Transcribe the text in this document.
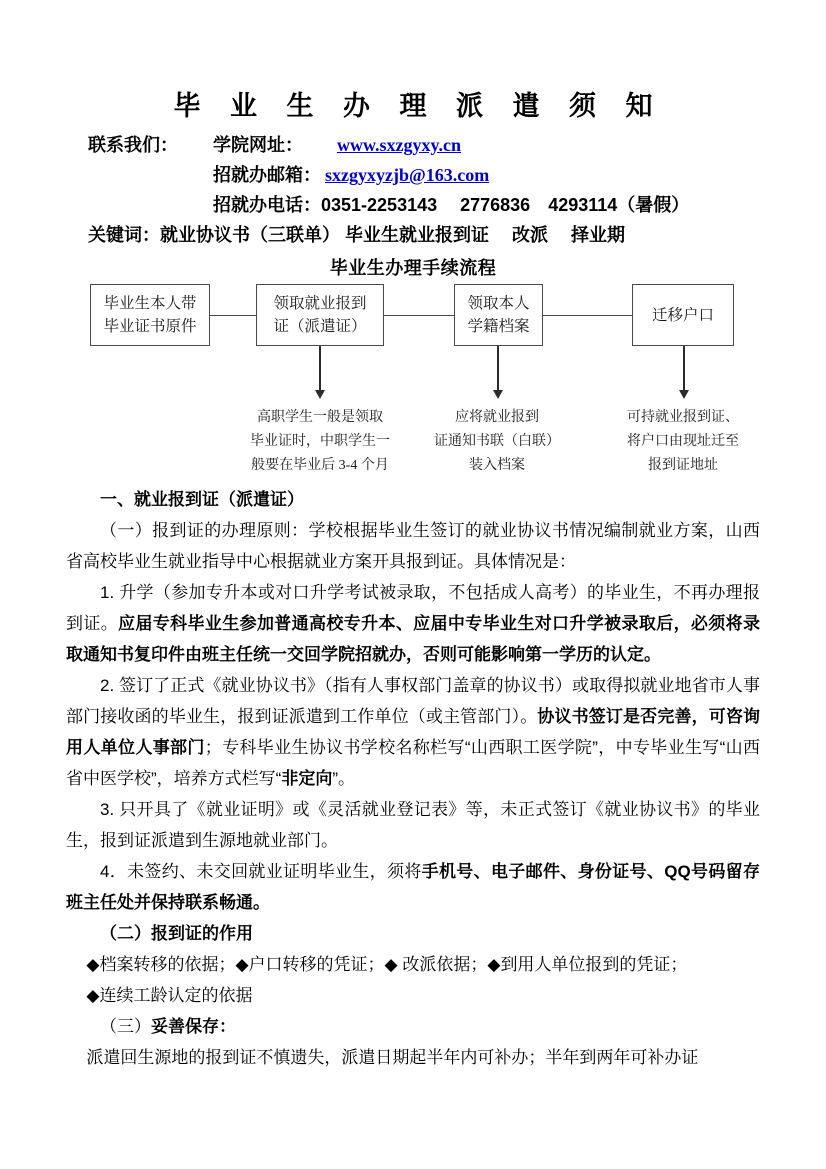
毕 业 生 办 理 派 遣 须 知
联系我们：	学院网址： www.sxzgyxy.cn
招就办邮箱： sxzgyxyzjb@163.com
招就办电话： 0351-2253143　 2776836　4293114（暑假）
关键词：就业协议书（三联单） 毕业生就业报到证　 改派　 择业期
毕业生办理手续流程
毕业生本人带
毕业证书原件
领取就业报到
证（派遣证）
领取本人
学籍档案
迁移户口
高职学生一般是领取
毕业证时，中职学生一
般要在毕业后 3-4 个月
应将就业报到
证通知书联（白联）
装入档案
可持就业报到证、
将户口由现址迁至
报到证地址

一、就业报到证（派遣证）

（一）报到证的办理原则：学校根据毕业生签订的就业协议书情况编制就业方案，山西省高校毕业生就业指导中心根据就业方案开具报到证。具体情况是：

1. 升学（参加专升本或对口升学考试被录取，不包括成人高考）的毕业生，不再办理报到证。应届专科毕业生参加普通高校专升本、应届中专毕业生对口升学被录取后，必须将录取通知书复印件由班主任统一交回学院招就办，否则可能影响第一学历的认定。

2. 签订了正式《就业协议书》（指有人事权部门盖章的协议书）或取得拟就业地省市人事部门接收函的毕业生，报到证派遣到工作单位（或主管部门）。协议书签订是否完善，可咨询用人单位人事部门；专科毕业生协议书学校名称栏写“山西职工医学院”，中专毕业生写“山西省中医学校”，培养方式栏写“非定向”。

3. 只开具了《就业证明》或《灵活就业登记表》等，未正式签订《就业协议书》的毕业生，报到证派遣到生源地就业部门。

4．未签约、未交回就业证明毕业生，须将手机号、电子邮件、身份证号、QQ号码留存班主任处并保持联系畅通。

（二）报到证的作用

◆档案转移的依据；◆户口转移的凭证；◆ 改派依据；◆到用人单位报到的凭证；

◆连续工龄认定的依据

（三）妥善保存：

派遣回生源地的报到证不慎遗失，派遣日期起半年内可补办；半年到两年可补办证
